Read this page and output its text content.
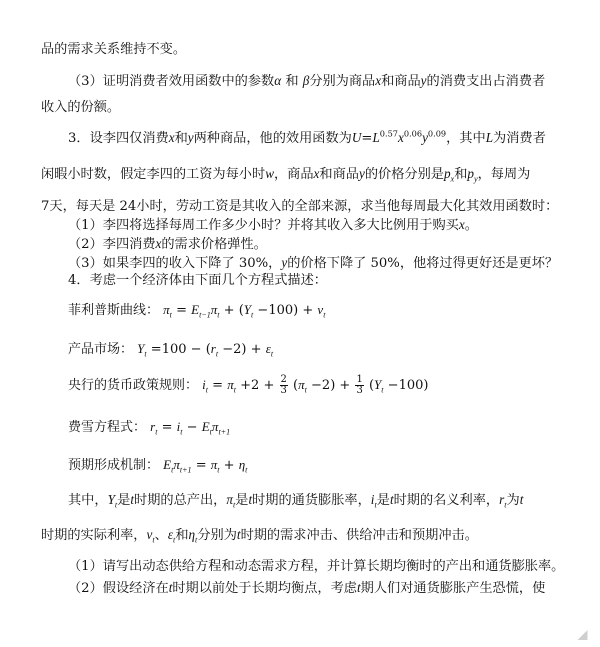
品的需求关系维持不变。
（3）证明消费者效用函数中的参数α 和 β分别为商品x和商品y的消费支出占消费者
收入的份额。
3．设李四仅消费x和y两种商品，他的效用函数为$U=L^{0.57}x^{0.06}y^{0.09}$，其中L为消费者
闲暇小时数，假定李四的工资为每小时w，商品x和商品y的价格分别是$p_x$和$p_y$，每周为
7天，每天是 24小时，劳动工资是其收入的全部来源，求当他每周最大化其效用函数时：
（1）李四将选择每周工作多少小时？并将其收入多大比例用于购买x。
（2）李四消费x的需求价格弹性。
（3）如果李四的收入下降了 30%，y的价格下降了 50%，他将过得更好还是更坏？
4．考虑一个经济体由下面几个方程式描述：
菲利普斯曲线： $\pi_t = E_{t-1}\pi_t + (Y_t -100) + v_t$
产品市场： $Y_t =100 - (r_t -2) + \varepsilon_t$
央行的货币政策规则： $i_t = \pi_t +2 + \frac{2}{3} (\pi_t -2) + \frac{1}{3} (Y_t -100)$
费雪方程式： $r_t = i_t - E_t\pi_{t+1}$
预期形成机制： $E_t\pi_{t+1} = \pi_t + \eta_t$
其中，$Y_t$是t时期的总产出，$\pi_t$是t时期的通货膨胀率，$i_t$是t时期的名义利率，$r_t$为t
时期的实际利率，$v_t$、$\varepsilon_t$和$\eta_t$分别为t时期的需求冲击、供给冲击和预期冲击。
（1）请写出动态供给方程和动态需求方程，并计算长期均衡时的产出和通货膨胀率。
（2）假设经济在t时期以前处于长期均衡点，考虑t期人们对通货膨胀产生恐慌，使
